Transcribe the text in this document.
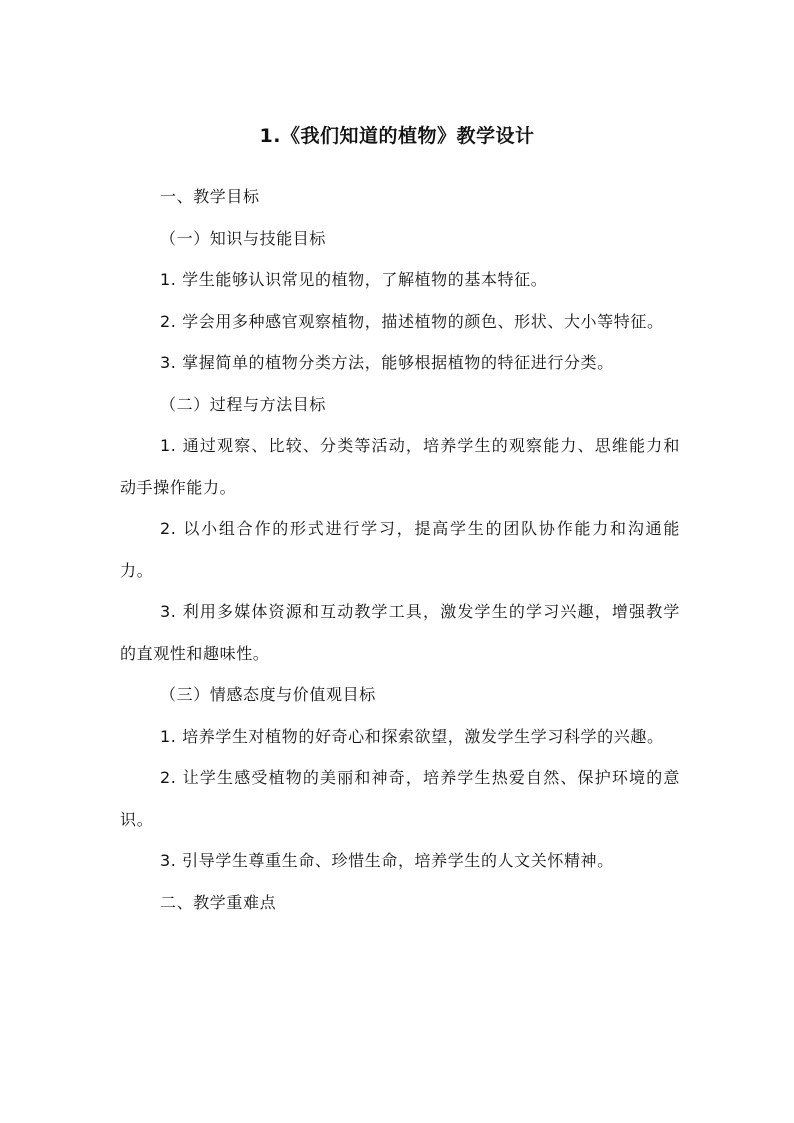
1.《我们知道的植物》教学设计

一、教学目标

（一）知识与技能目标

1. 学生能够认识常见的植物，了解植物的基本特征。

2. 学会用多种感官观察植物，描述植物的颜色、形状、大小等特征。

3. 掌握简单的植物分类方法，能够根据植物的特征进行分类。

（二）过程与方法目标

1. 通过观察、比较、分类等活动，培养学生的观察能力、思维能力和动手操作能力。

2. 以小组合作的形式进行学习，提高学生的团队协作能力和沟通能力。

3. 利用多媒体资源和互动教学工具，激发学生的学习兴趣，增强教学的直观性和趣味性。

（三）情感态度与价值观目标

1. 培养学生对植物的好奇心和探索欲望，激发学生学习科学的兴趣。

2. 让学生感受植物的美丽和神奇，培养学生热爱自然、保护环境的意识。

3. 引导学生尊重生命、珍惜生命，培养学生的人文关怀精神。

二、教学重难点
